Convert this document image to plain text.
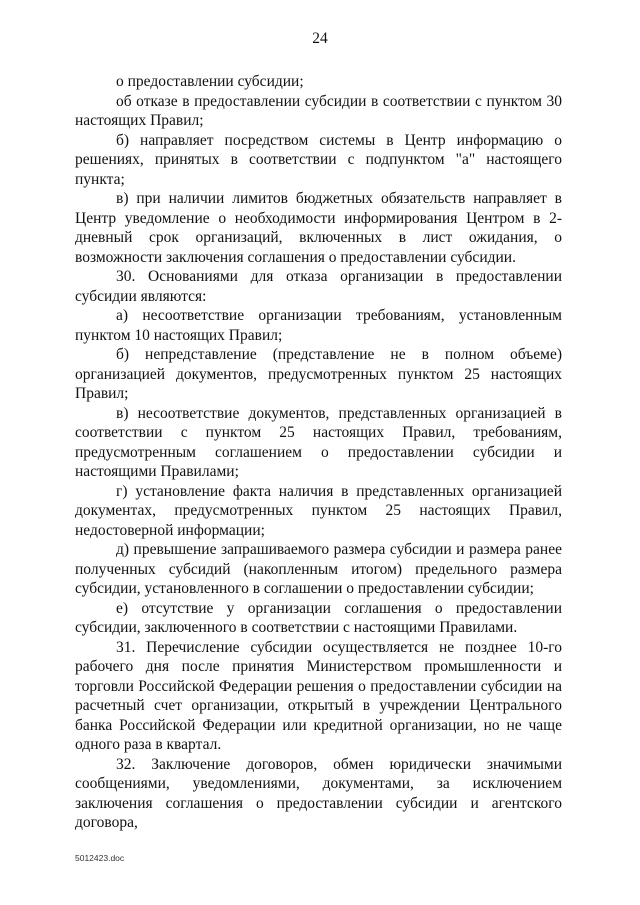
24

о предоставлении субсидии;

об отказе в предоставлении субсидии в соответствии с пунктом 30 настоящих Правил;

б) направляет посредством системы в Центр информацию о решениях, принятых в соответствии с подпунктом "а" настоящего пункта;

в) при наличии лимитов бюджетных обязательств направляет в Центр уведомление о необходимости информирования Центром в 2-дневный срок организаций, включенных в лист ожидания, о возможности заключения соглашения о предоставлении субсидии.

30. Основаниями для отказа организации в предоставлении субсидии являются:

а) несоответствие организации требованиям, установленным пунктом 10 настоящих Правил;

б) непредставление (представление не в полном объеме) организацией документов, предусмотренных пунктом 25 настоящих Правил;

в) несоответствие документов, представленных организацией в соответствии с пунктом 25 настоящих Правил, требованиям, предусмотренным соглашением о предоставлении субсидии и настоящими Правилами;

г) установление факта наличия в представленных организацией документах, предусмотренных пунктом 25 настоящих Правил, недостоверной информации;

д) превышение запрашиваемого размера субсидии и размера ранее полученных субсидий (накопленным итогом) предельного размера субсидии, установленного в соглашении о предоставлении субсидии;

е) отсутствие у организации соглашения о предоставлении субсидии, заключенного в соответствии с настоящими Правилами.

31. Перечисление субсидии осуществляется не позднее 10-го рабочего дня после принятия Министерством промышленности и торговли Российской Федерации решения о предоставлении субсидии на расчетный счет организации, открытый в учреждении Центрального банка Российской Федерации или кредитной организации, но не чаще одного раза в квартал.

32. Заключение договоров, обмен юридически значимыми сообщениями, уведомлениями, документами, за исключением заключения соглашения о предоставлении субсидии и агентского договора,

5012423.doc
